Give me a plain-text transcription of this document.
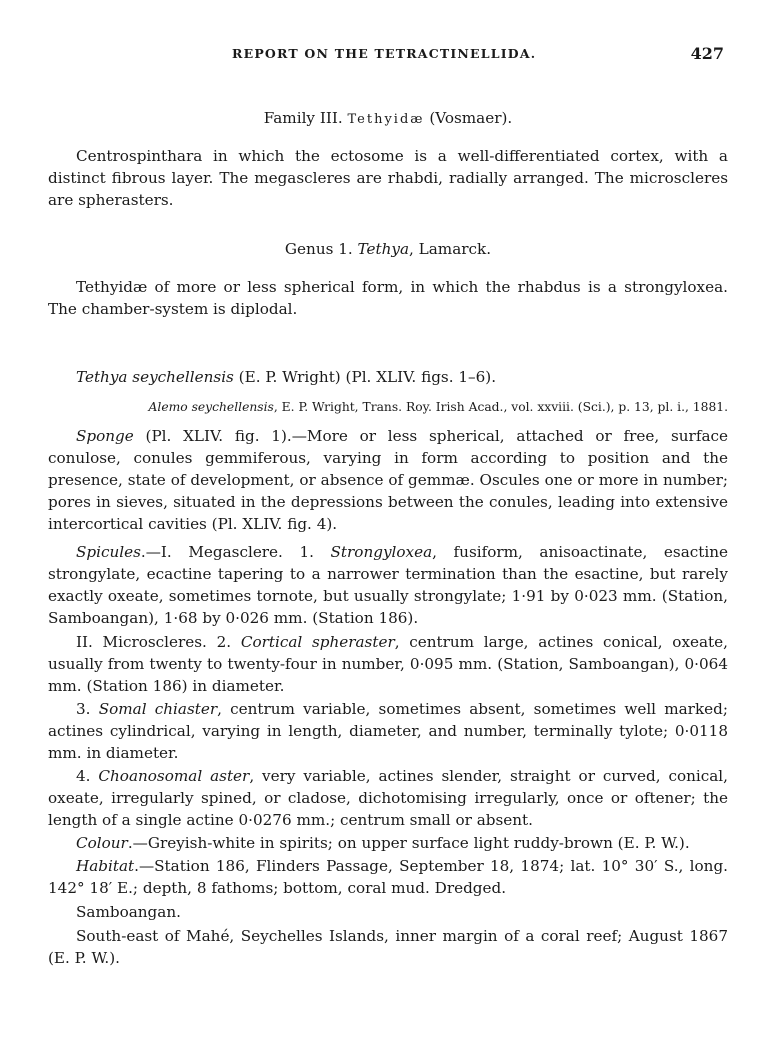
REPORT ON THE TETRACTINELLIDA.	427
Family III. Tethyidæ (Vosmaer).
Centrospinthara in which the ectosome is a well-differentiated cortex, with a distinct fibrous layer. The megascleres are rhabdi, radially arranged. The microscleres are spherasters.
Genus 1. Tethya, Lamarck.
Tethyidæ of more or less spherical form, in which the rhabdus is a strongyloxea. The chamber-system is diplodal.
Tethya seychellensis (E. P. Wright) (Pl. XLIV. figs. 1–6).
Alemo seychellensis, E. P. Wright, Trans. Roy. Irish Acad., vol. xxviii. (Sci.), p. 13, pl. i., 1881.
Sponge (Pl. XLIV. fig. 1).—More or less spherical, attached or free, surface conulose, conules gemmiferous, varying in form according to position and the presence, state of development, or absence of gemmæ. Oscules one or more in number; pores in sieves, situated in the depressions between the conules, leading into extensive intercortical cavities (Pl. XLIV. fig. 4).
Spicules.—I. Megasclere. 1. Strongyloxea, fusiform, anisoactinate, esactine strongylate, ecactine tapering to a narrower termination than the esactine, but rarely exactly oxeate, sometimes tornote, but usually strongylate; 1·91 by 0·023 mm. (Station, Samboangan), 1·68 by 0·026 mm. (Station 186).
II. Microscleres. 2. Cortical spheraster, centrum large, actines conical, oxeate, usually from twenty to twenty-four in number, 0·095 mm. (Station, Samboangan), 0·064 mm. (Station 186) in diameter.
3. Somal chiaster, centrum variable, sometimes absent, sometimes well marked; actines cylindrical, varying in length, diameter, and number, terminally tylote; 0·0118 mm. in diameter.
4. Choanosomal aster, very variable, actines slender, straight or curved, conical, oxeate, irregularly spined, or cladose, dichotomising irregularly, once or oftener; the length of a single actine 0·0276 mm.; centrum small or absent.
Colour.—Greyish-white in spirits; on upper surface light ruddy-brown (E. P. W.).
Habitat.—Station 186, Flinders Passage, September 18, 1874; lat. 10° 30′ S., long. 142° 18′ E.; depth, 8 fathoms; bottom, coral mud. Dredged.
Samboangan.
South-east of Mahé, Seychelles Islands, inner margin of a coral reef; August 1867 (E. P. W.).
